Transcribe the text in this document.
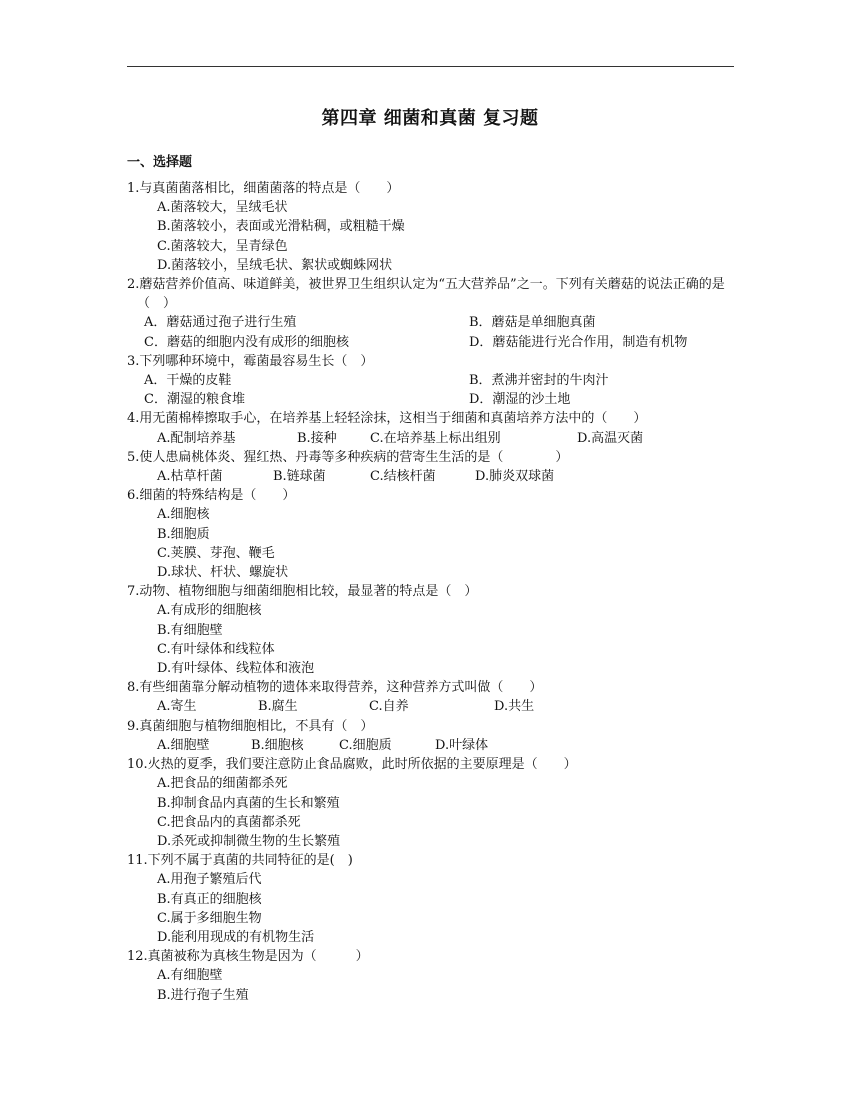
第四章 细菌和真菌 复习题
一、选择题
1.与真菌菌落相比，细菌菌落的特点是（　　）
A.菌落较大，呈绒毛状
B.菌落较小，表面或光滑粘稠，或粗糙干燥
C.菌落较大，呈青绿色
D.菌落较小，呈绒毛状、絮状或蜘蛛网状
2.蘑菇营养价值高、味道鲜美，被世界卫生组织认定为“五大营养品”之一。下列有关蘑菇的说法正确的是（　）
A．蘑菇通过孢子进行生殖	B．蘑菇是单细胞真菌
C．蘑菇的细胞内没有成形的细胞核	D．蘑菇能进行光合作用，制造有机物
3.下列哪种环境中，霉菌最容易生长（　）
A．干燥的皮鞋	B．煮沸并密封的牛肉汁
C．潮湿的粮食堆	D．潮湿的沙土地
4.用无菌棉棒擦取手心，在培养基上轻轻涂抹，这相当于细菌和真菌培养方法中的（　　）
A.配制培养基	B.接种	C.在培养基上标出组别	D.高温灭菌
5.使人患扁桃体炎、猩红热、丹毒等多种疾病的营寄生生活的是（　　　　）
A.枯草杆菌	B.链球菌	C.结核杆菌	D.肺炎双球菌
6.细菌的特殊结构是（　　）
A.细胞核
B.细胞质
C.荚膜、芽孢、鞭毛
D.球状、杆状、螺旋状
7.动物、植物细胞与细菌细胞相比较，最显著的特点是（　）
A.有成形的细胞核
B.有细胞壁
C.有叶绿体和线粒体
D.有叶绿体、线粒体和液泡
8.有些细菌靠分解动植物的遗体来取得营养，这种营养方式叫做（　　）
A.寄生	B.腐生	C.自养	D.共生
9.真菌细胞与植物细胞相比，不具有（　）
A.细胞壁	B.细胞核	C.细胞质	D.叶绿体
10.火热的夏季，我们要注意防止食品腐败，此时所依据的主要原理是（　　）
A.把食品的细菌都杀死
B.抑制食品内真菌的生长和繁殖
C.把食品内的真菌都杀死
D.杀死或抑制微生物的生长繁殖
11.下列不属于真菌的共同特征的是(　)
A.用孢子繁殖后代
B.有真正的细胞核
C.属于多细胞生物
D.能利用现成的有机物生活
12.真菌被称为真核生物是因为（　　　）
A.有细胞壁
B.进行孢子生殖
